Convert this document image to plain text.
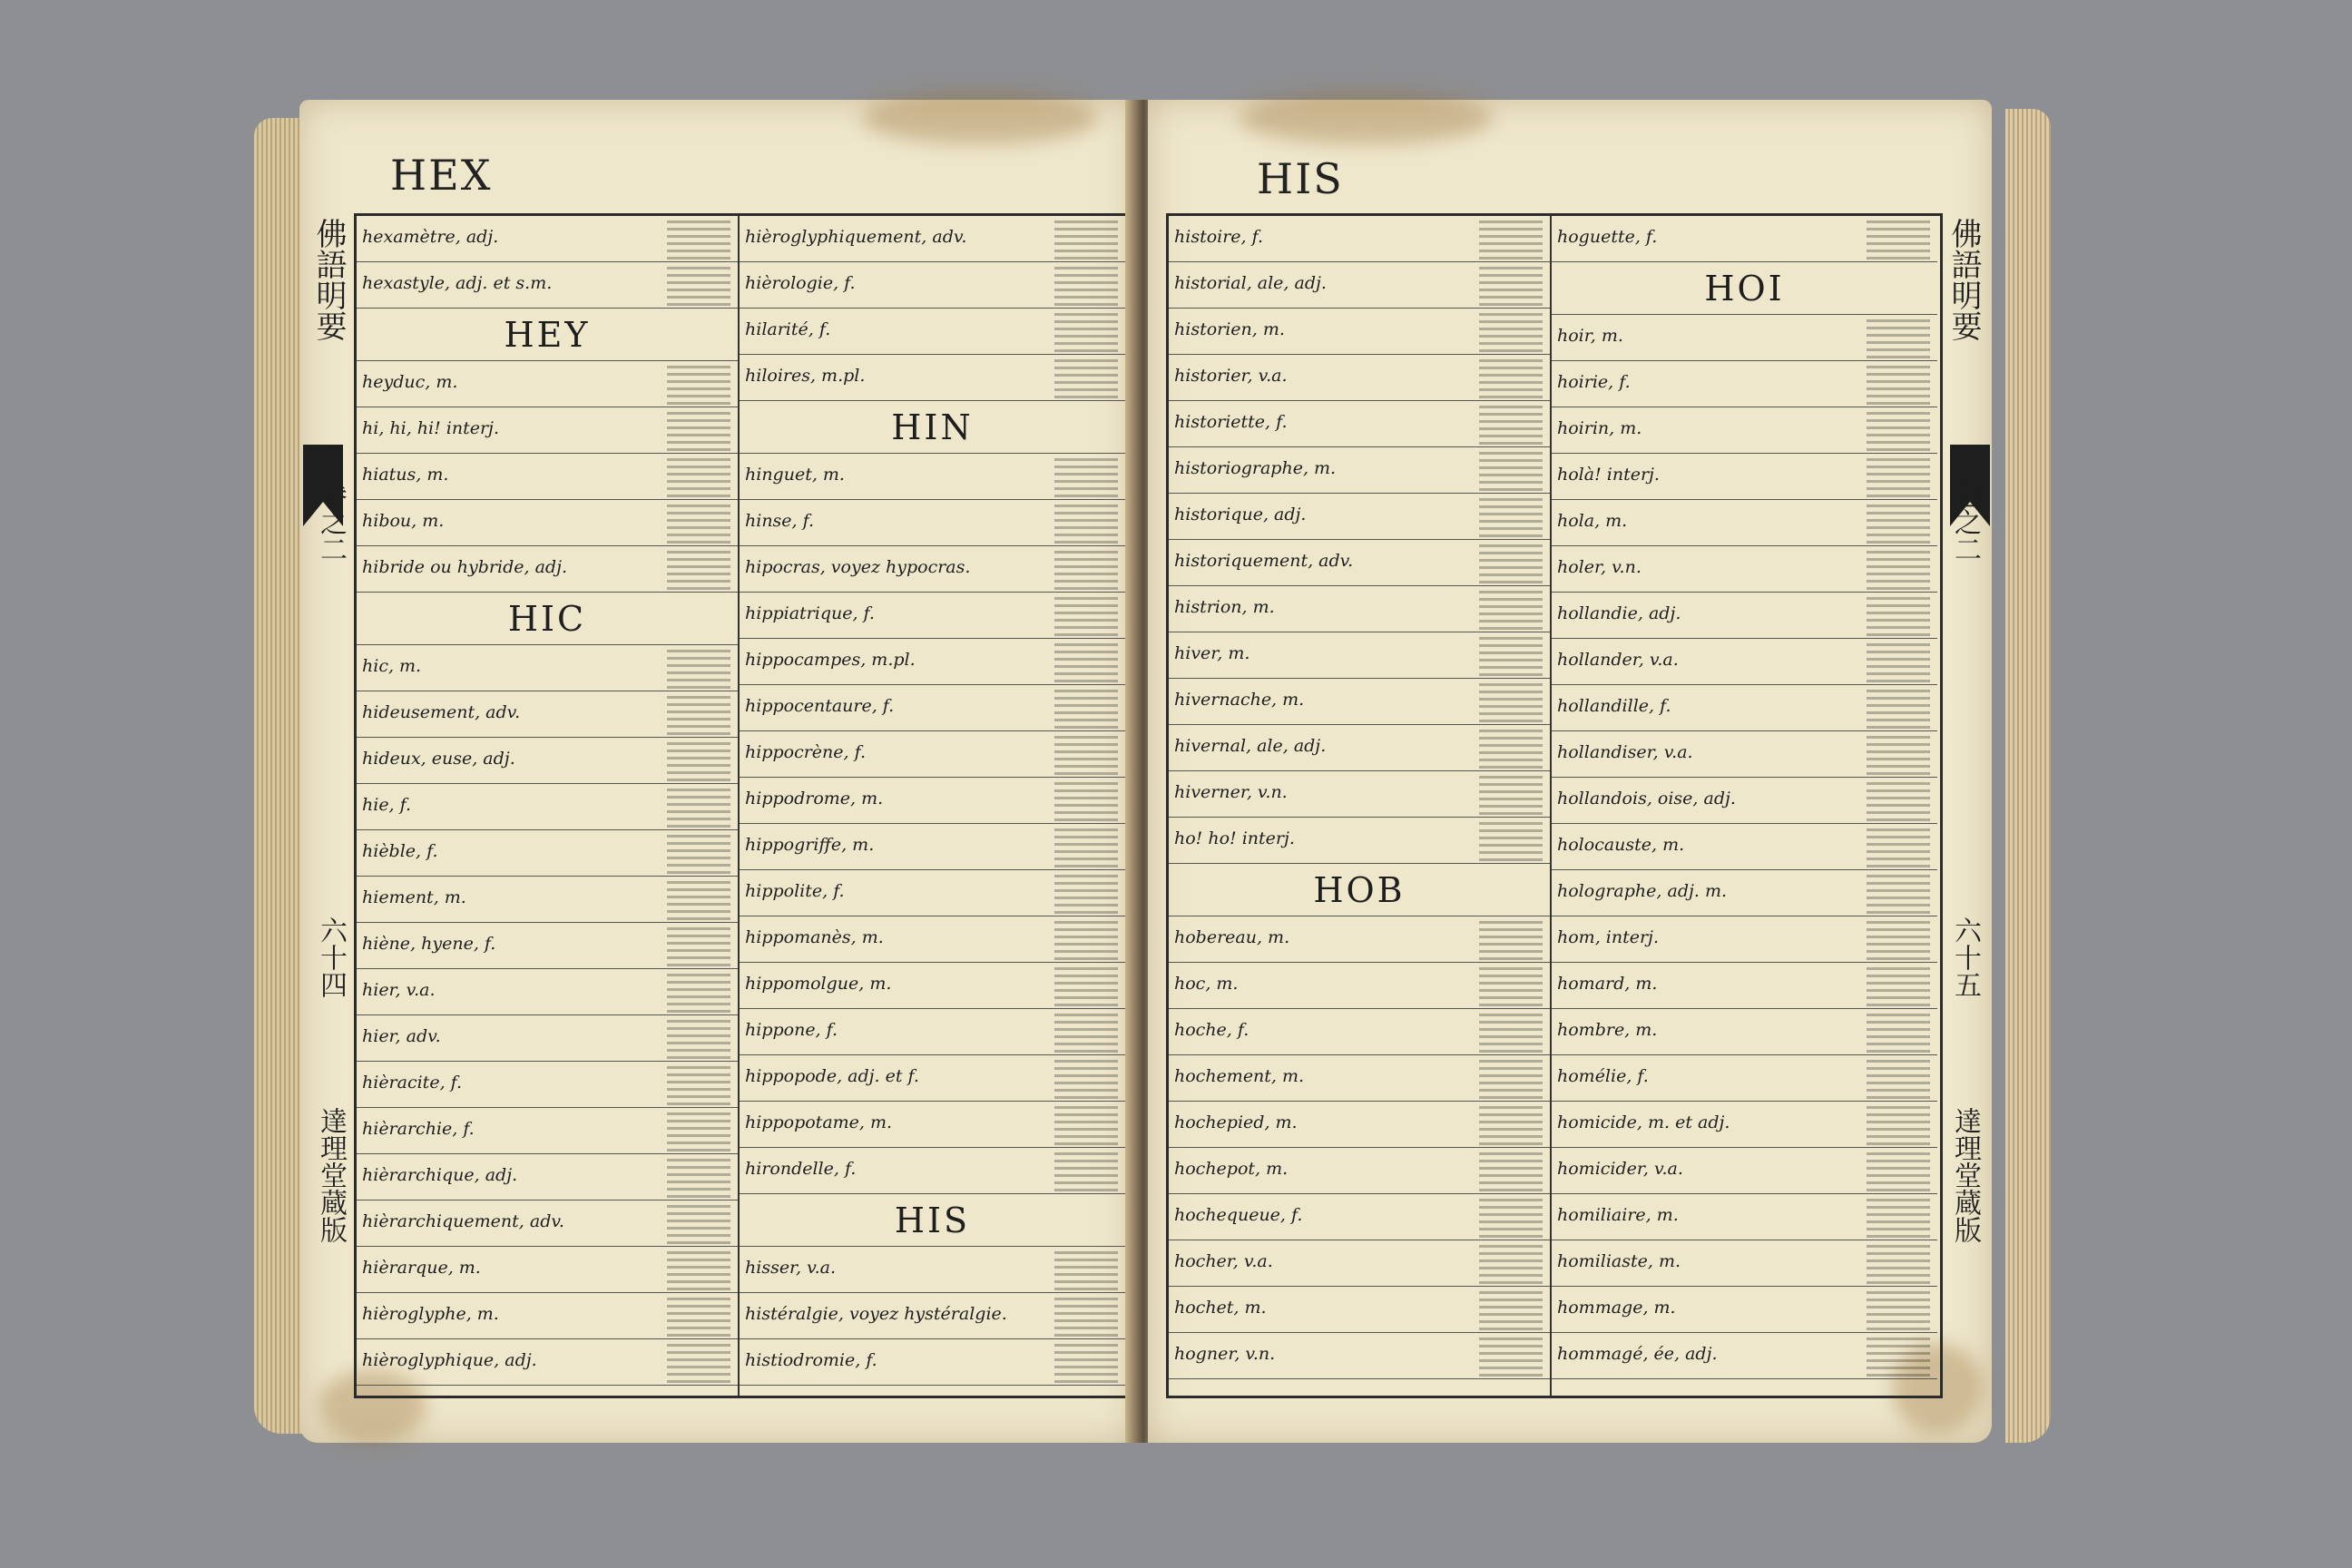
HEX
佛語明要
巻之二
六十四
達理堂蔵版
hexamètre, adj.
hexastyle, adj. et s.m.
HEY
heyduc, m.
hi, hi, hi! interj.
hiatus, m.
hibou, m.
hibride ou hybride, adj.
HIC
hic, m.
hideusement, adv.
hideux, euse, adj.
hie, f.
hièble, f.
hiement, m.
hiène, hyene, f.
hier, v.a.
hier, adv.
hièracite, f.
hièrarchie, f.
hièrarchique, adj.
hièrarchiquement, adv.
hièrarque, m.
hièroglyphe, m.
hièroglyphique, adj.
hièroglyphiquement, adv.
hièrologie, f.
hilarité, f.
hiloires, m.pl.
HIN
hinguet, m.
hinse, f.
hipocras, voyez hypocras.
hippiatrique, f.
hippocampes, m.pl.
hippocentaure, f.
hippocrène, f.
hippodrome, m.
hippogriffe, m.
hippolite, f.
hippomanès, m.
hippomolgue, m.
hippone, f.
hippopode, adj. et f.
hippopotame, m.
hirondelle, f.
HIS
hisser, v.a.
histéralgie, voyez hystéralgie.
histiodromie, f.
HIS
佛語明要
巻之二
六十五
達理堂蔵版
histoire, f.
historial, ale, adj.
historien, m.
historier, v.a.
historiette, f.
historiographe, m.
historique, adj.
historiquement, adv.
histrion, m.
hiver, m.
hivernache, m.
hivernal, ale, adj.
hiverner, v.n.
ho! ho! interj.
HOB
hobereau, m.
hoc, m.
hoche, f.
hochement, m.
hochepied, m.
hochepot, m.
hochequeue, f.
hocher, v.a.
hochet, m.
hogner, v.n.
hoguette, f.
HOI
hoir, m.
hoirie, f.
hoirin, m.
holà! interj.
hola, m.
holer, v.n.
hollandie, adj.
hollander, v.a.
hollandille, f.
hollandiser, v.a.
hollandois, oise, adj.
holocauste, m.
holographe, adj. m.
hom, interj.
homard, m.
hombre, m.
homélie, f.
homicide, m. et adj.
homicider, v.a.
homiliaire, m.
homiliaste, m.
hommage, m.
hommagé, ée, adj.
